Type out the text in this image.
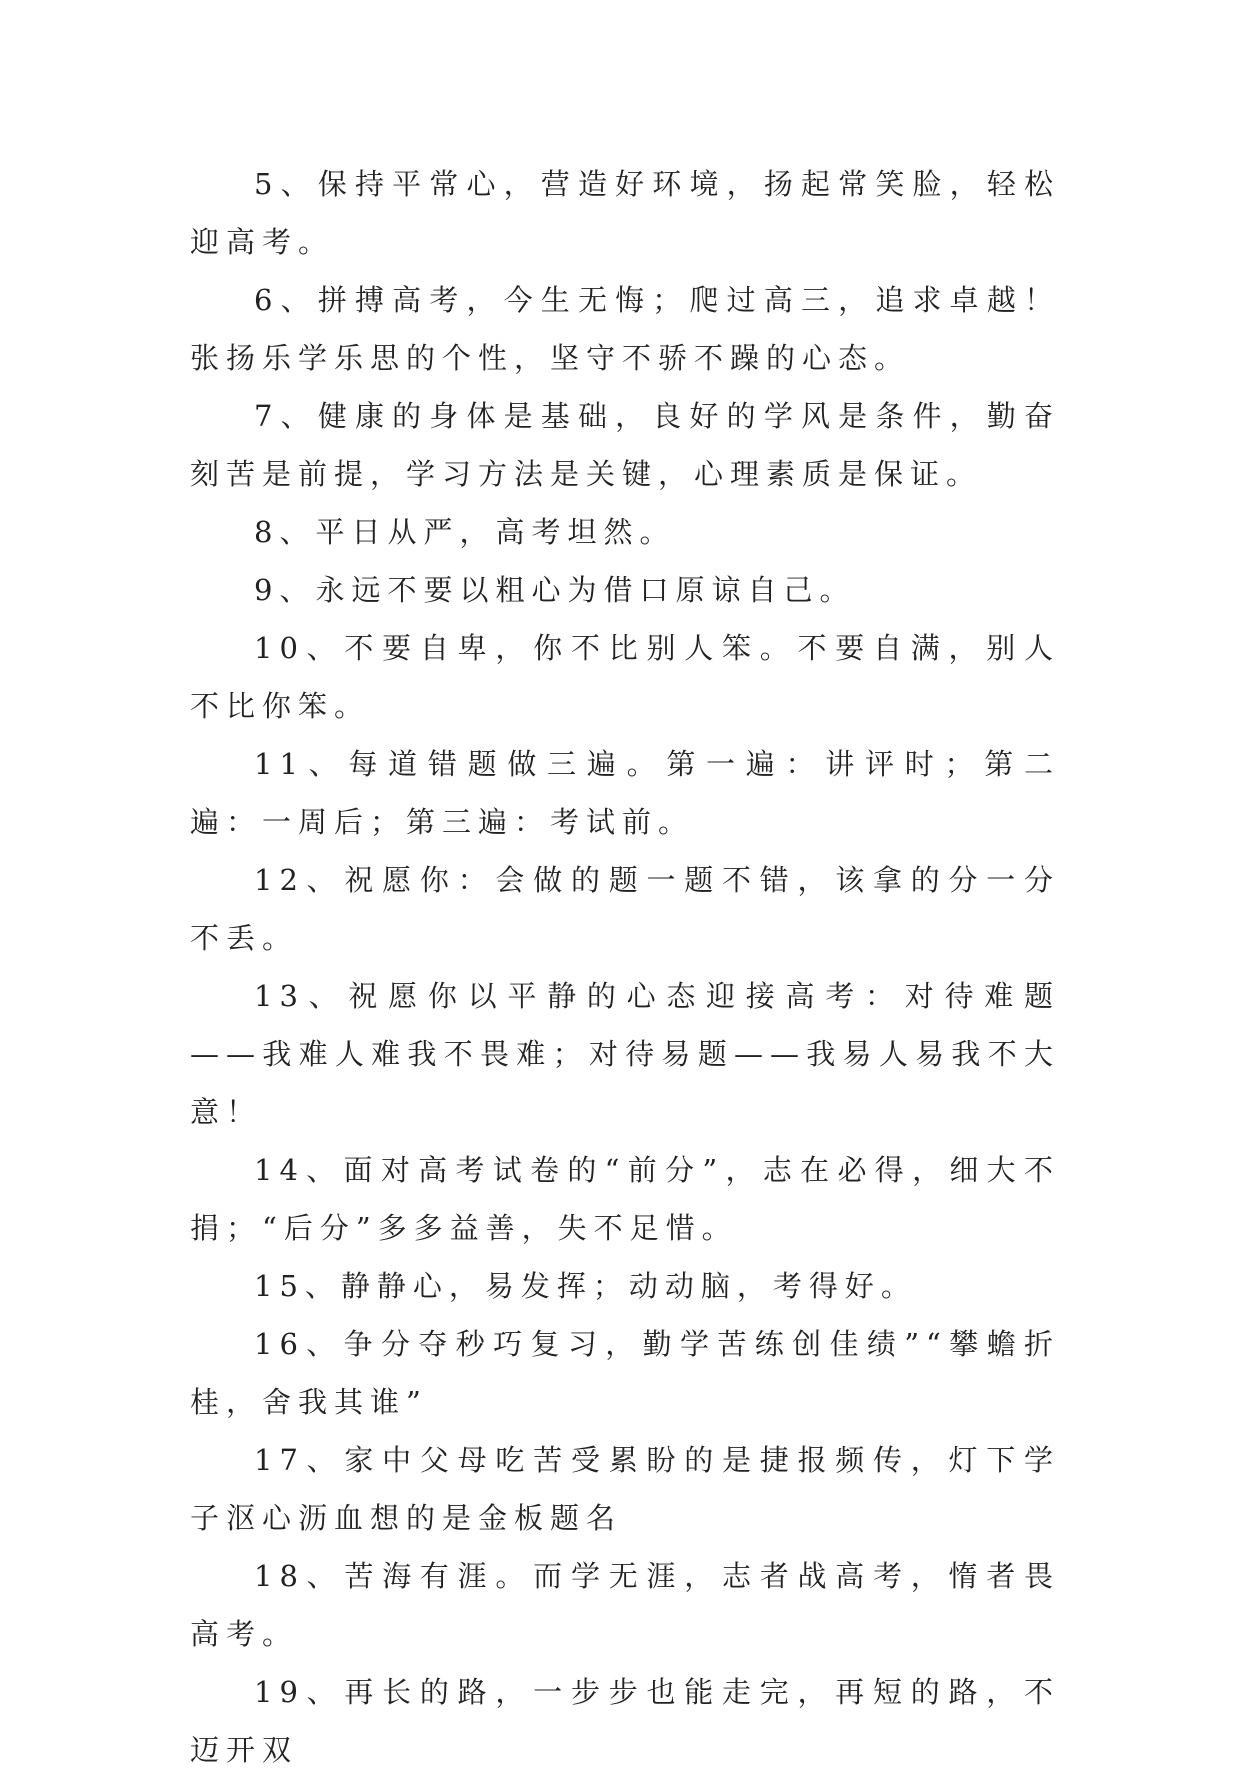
5、保持平常心，营造好环境，扬起常笑脸，轻松迎高考。

6、拼搏高考，今生无悔；爬过高三，追求卓越！张扬乐学乐思的个性，坚守不骄不躁的心态。

7、健康的身体是基础，良好的学风是条件，勤奋刻苦是前提，学习方法是关键，心理素质是保证。

8、平日从严，高考坦然。

9、永远不要以粗心为借口原谅自己。

10、不要自卑，你不比别人笨。不要自满，别人不比你笨。

11、每道错题做三遍。第一遍：讲评时；第二遍：一周后；第三遍：考试前。

12、祝愿你：会做的题一题不错，该拿的分一分不丢。

13、祝愿你以平静的心态迎接高考：对待难题——我难人难我不畏难；对待易题——我易人易我不大意！

14、面对高考试卷的“前分”，志在必得，细大不捐；“后分”多多益善，失不足惜。

15、静静心，易发挥；动动脑，考得好。

16、争分夺秒巧复习，勤学苦练创佳绩”“攀蟾折桂，舍我其谁”

17、家中父母吃苦受累盼的是捷报频传，灯下学子沤心沥血想的是金板题名

18、苦海有涯。而学无涯，志者战高考，惰者畏高考。

19、再长的路，一步步也能走完，再短的路，不迈开双
